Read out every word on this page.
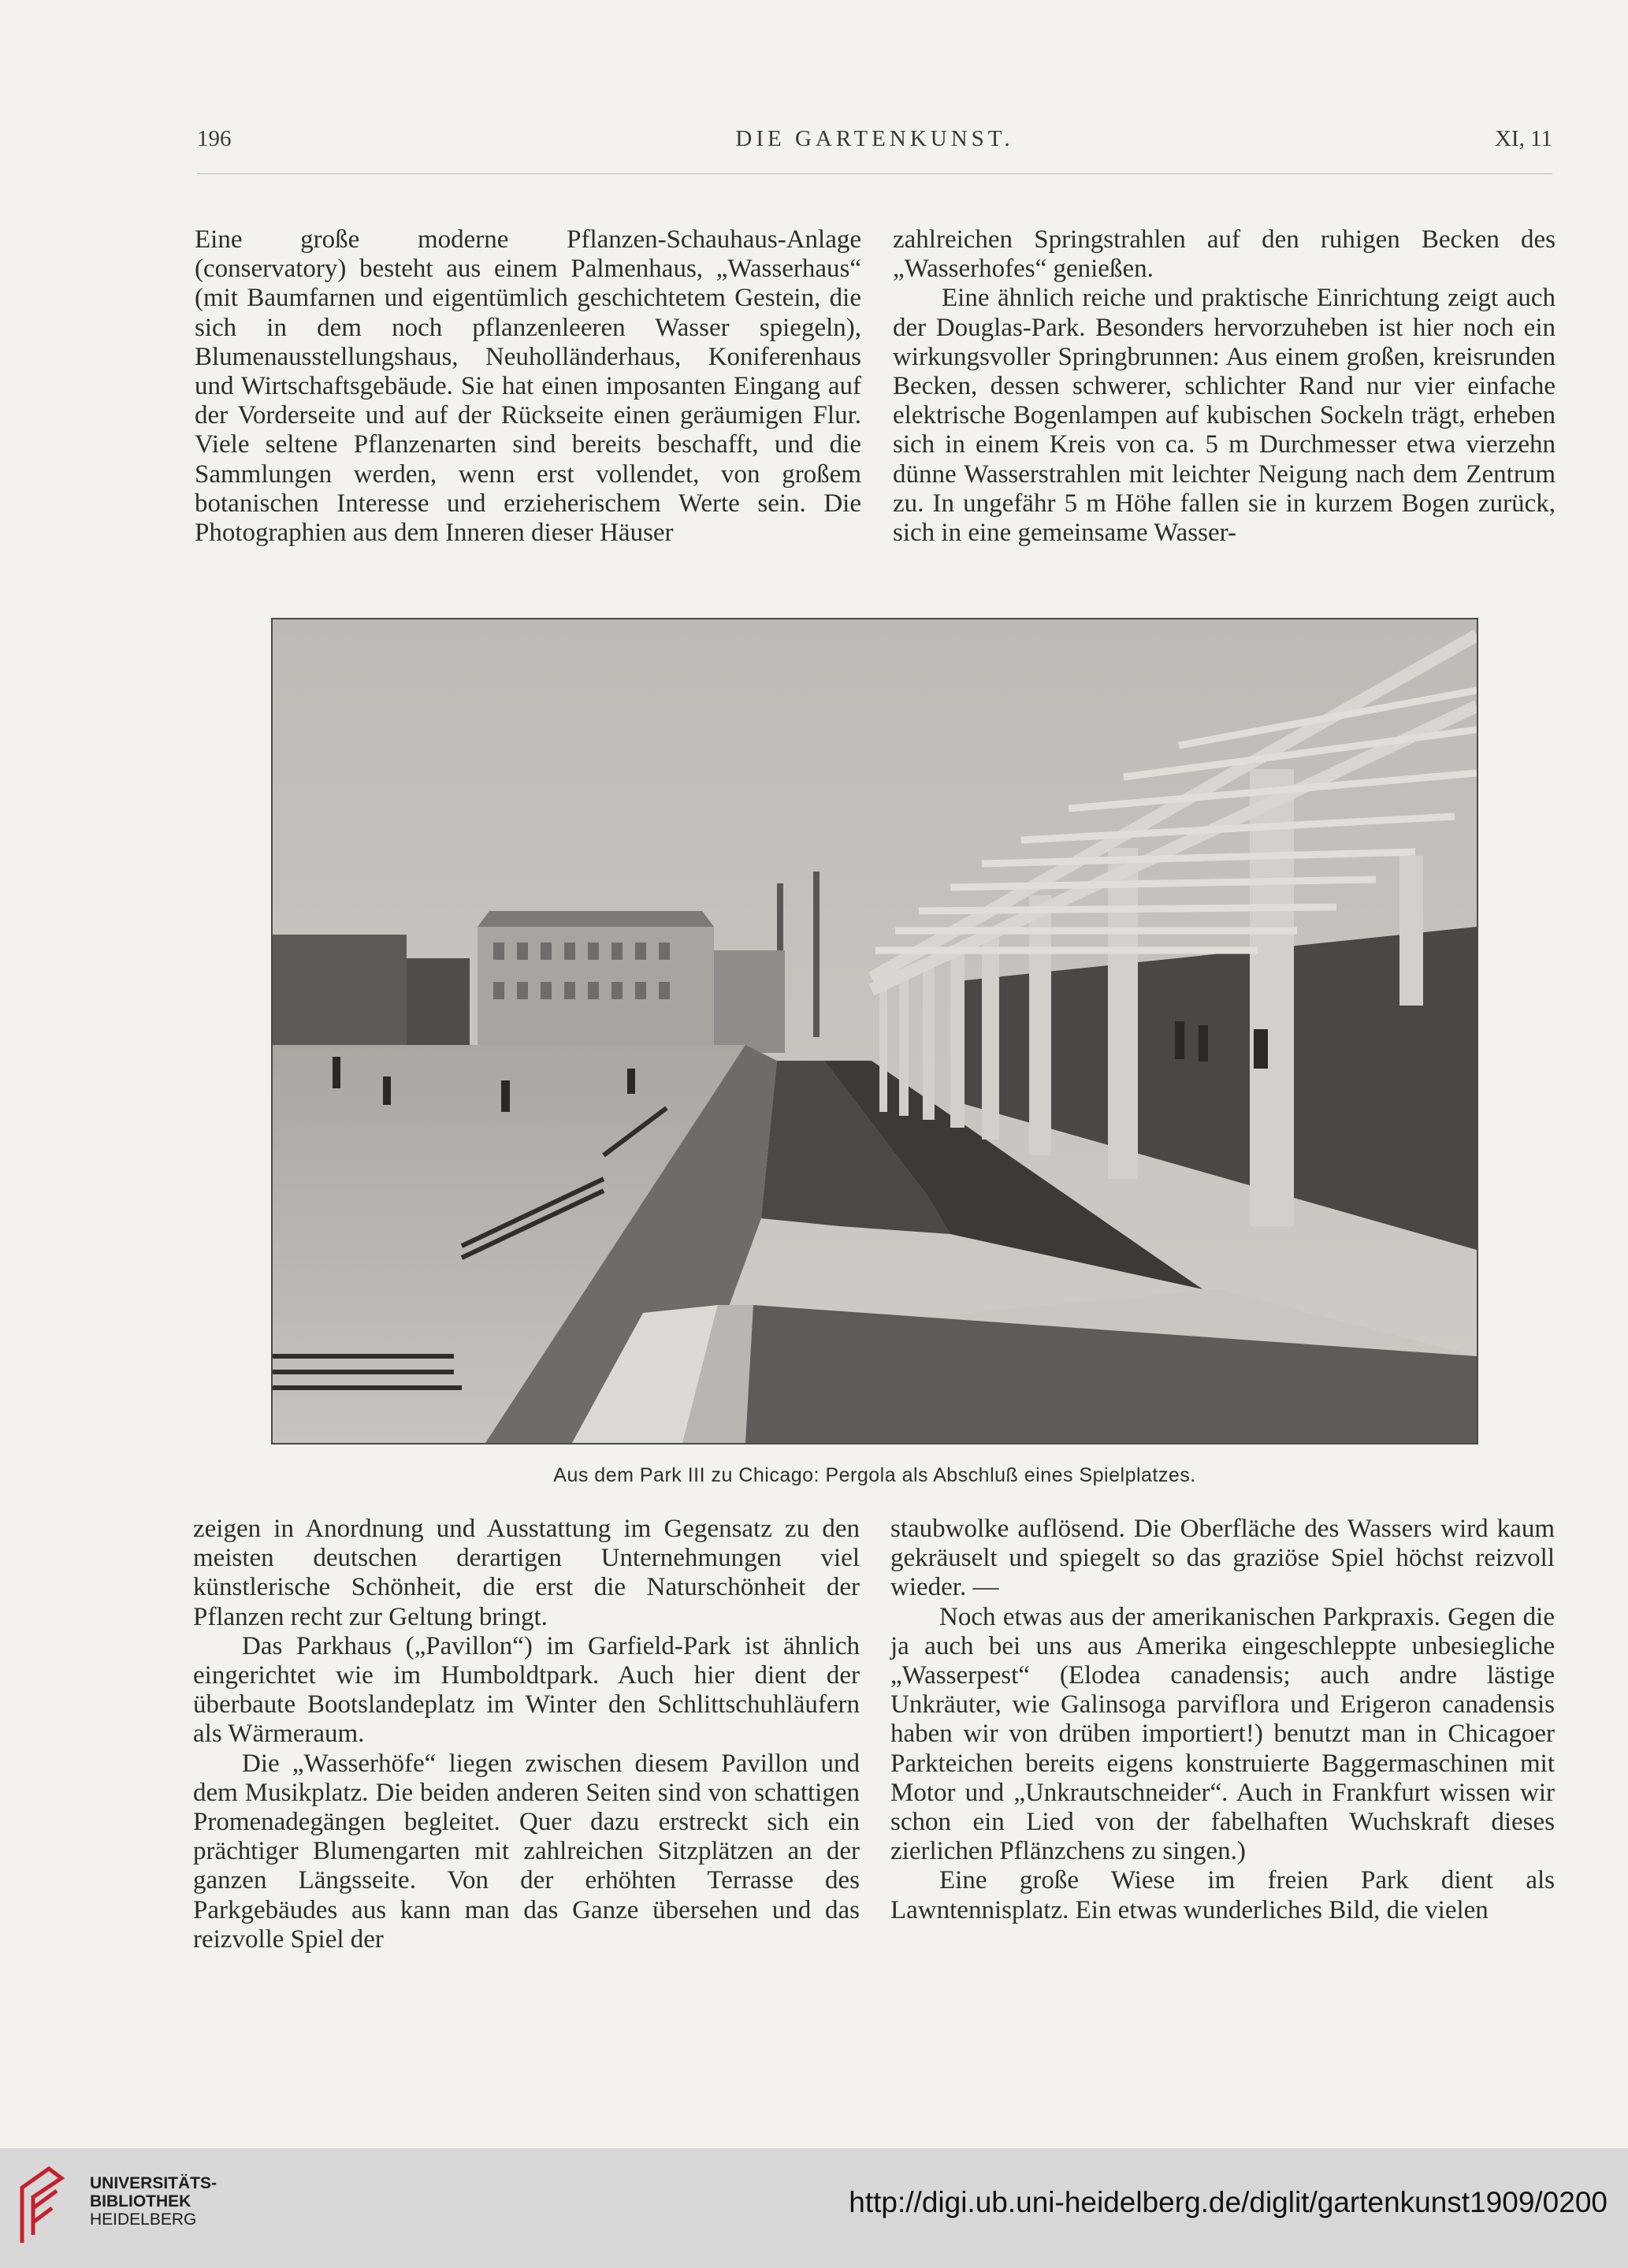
196	DIE GARTENKUNST.	XI, 11

Eine große moderne Pflanzen-Schauhaus-Anlage (conservatory) besteht aus einem Palmenhaus, „Wasserhaus“ (mit Baumfarnen und eigentümlich geschichtetem Gestein, die sich in dem noch pflanzenleeren Wasser spiegeln), Blumenausstellungshaus, Neuholländerhaus, Koniferenhaus und Wirtschaftsgebäude. Sie hat einen imposanten Eingang auf der Vorderseite und auf der Rückseite einen geräumigen Flur. Viele seltene Pflanzenarten sind bereits beschafft, und die Sammlungen werden, wenn erst vollendet, von großem botanischen Interesse und erzieherischem Werte sein. Die Photographien aus dem Inneren dieser Häuser

zahlreichen Springstrahlen auf den ruhigen Becken des „Wasserhofes“ genießen.

Eine ähnlich reiche und praktische Einrichtung zeigt auch der Douglas-Park. Besonders hervorzuheben ist hier noch ein wirkungsvoller Springbrunnen: Aus einem großen, kreisrunden Becken, dessen schwerer, schlichter Rand nur vier einfache elektrische Bogenlampen auf kubischen Sockeln trägt, erheben sich in einem Kreis von ca. 5 m Durchmesser etwa vierzehn dünne Wasserstrahlen mit leichter Neigung nach dem Zentrum zu. In ungefähr 5 m Höhe fallen sie in kurzem Bogen zurück, sich in eine gemeinsame Wasser-

Aus dem Park III zu Chicago: Pergola als Abschluß eines Spielplatzes.

zeigen in Anordnung und Ausstattung im Gegensatz zu den meisten deutschen derartigen Unternehmungen viel künstlerische Schönheit, die erst die Naturschönheit der Pflanzen recht zur Geltung bringt.

Das Parkhaus („Pavillon“) im Garfield-Park ist ähnlich eingerichtet wie im Humboldtpark. Auch hier dient der überbaute Bootslandeplatz im Winter den Schlittschuhläufern als Wärmeraum.

Die „Wasserhöfe“ liegen zwischen diesem Pavillon und dem Musikplatz. Die beiden anderen Seiten sind von schattigen Promenadegängen begleitet. Quer dazu erstreckt sich ein prächtiger Blumengarten mit zahlreichen Sitzplätzen an der ganzen Längsseite. Von der erhöhten Terrasse des Parkgebäudes aus kann man das Ganze übersehen und das reizvolle Spiel der

staubwolke auflösend. Die Oberfläche des Wassers wird kaum gekräuselt und spiegelt so das graziöse Spiel höchst reizvoll wieder. —

Noch etwas aus der amerikanischen Parkpraxis. Gegen die ja auch bei uns aus Amerika eingeschleppte unbesiegliche „Wasserpest“ (Elodea canadensis; auch andre lästige Unkräuter, wie Galinsoga parviflora und Erigeron canadensis haben wir von drüben importiert!) benutzt man in Chicagoer Parkteichen bereits eigens konstruierte Baggermaschinen mit Motor und „Unkrautschneider“. Auch in Frankfurt wissen wir schon ein Lied von der fabelhaften Wuchskraft dieses zierlichen Pflänzchens zu singen.)

Eine große Wiese im freien Park dient als Lawntennisplatz. Ein etwas wunderliches Bild, die vielen

UNIVERSITÄTS-
BIBLIOTHEK
HEIDELBERG
http://digi.ub.uni-heidelberg.de/diglit/gartenkunst1909/0200
